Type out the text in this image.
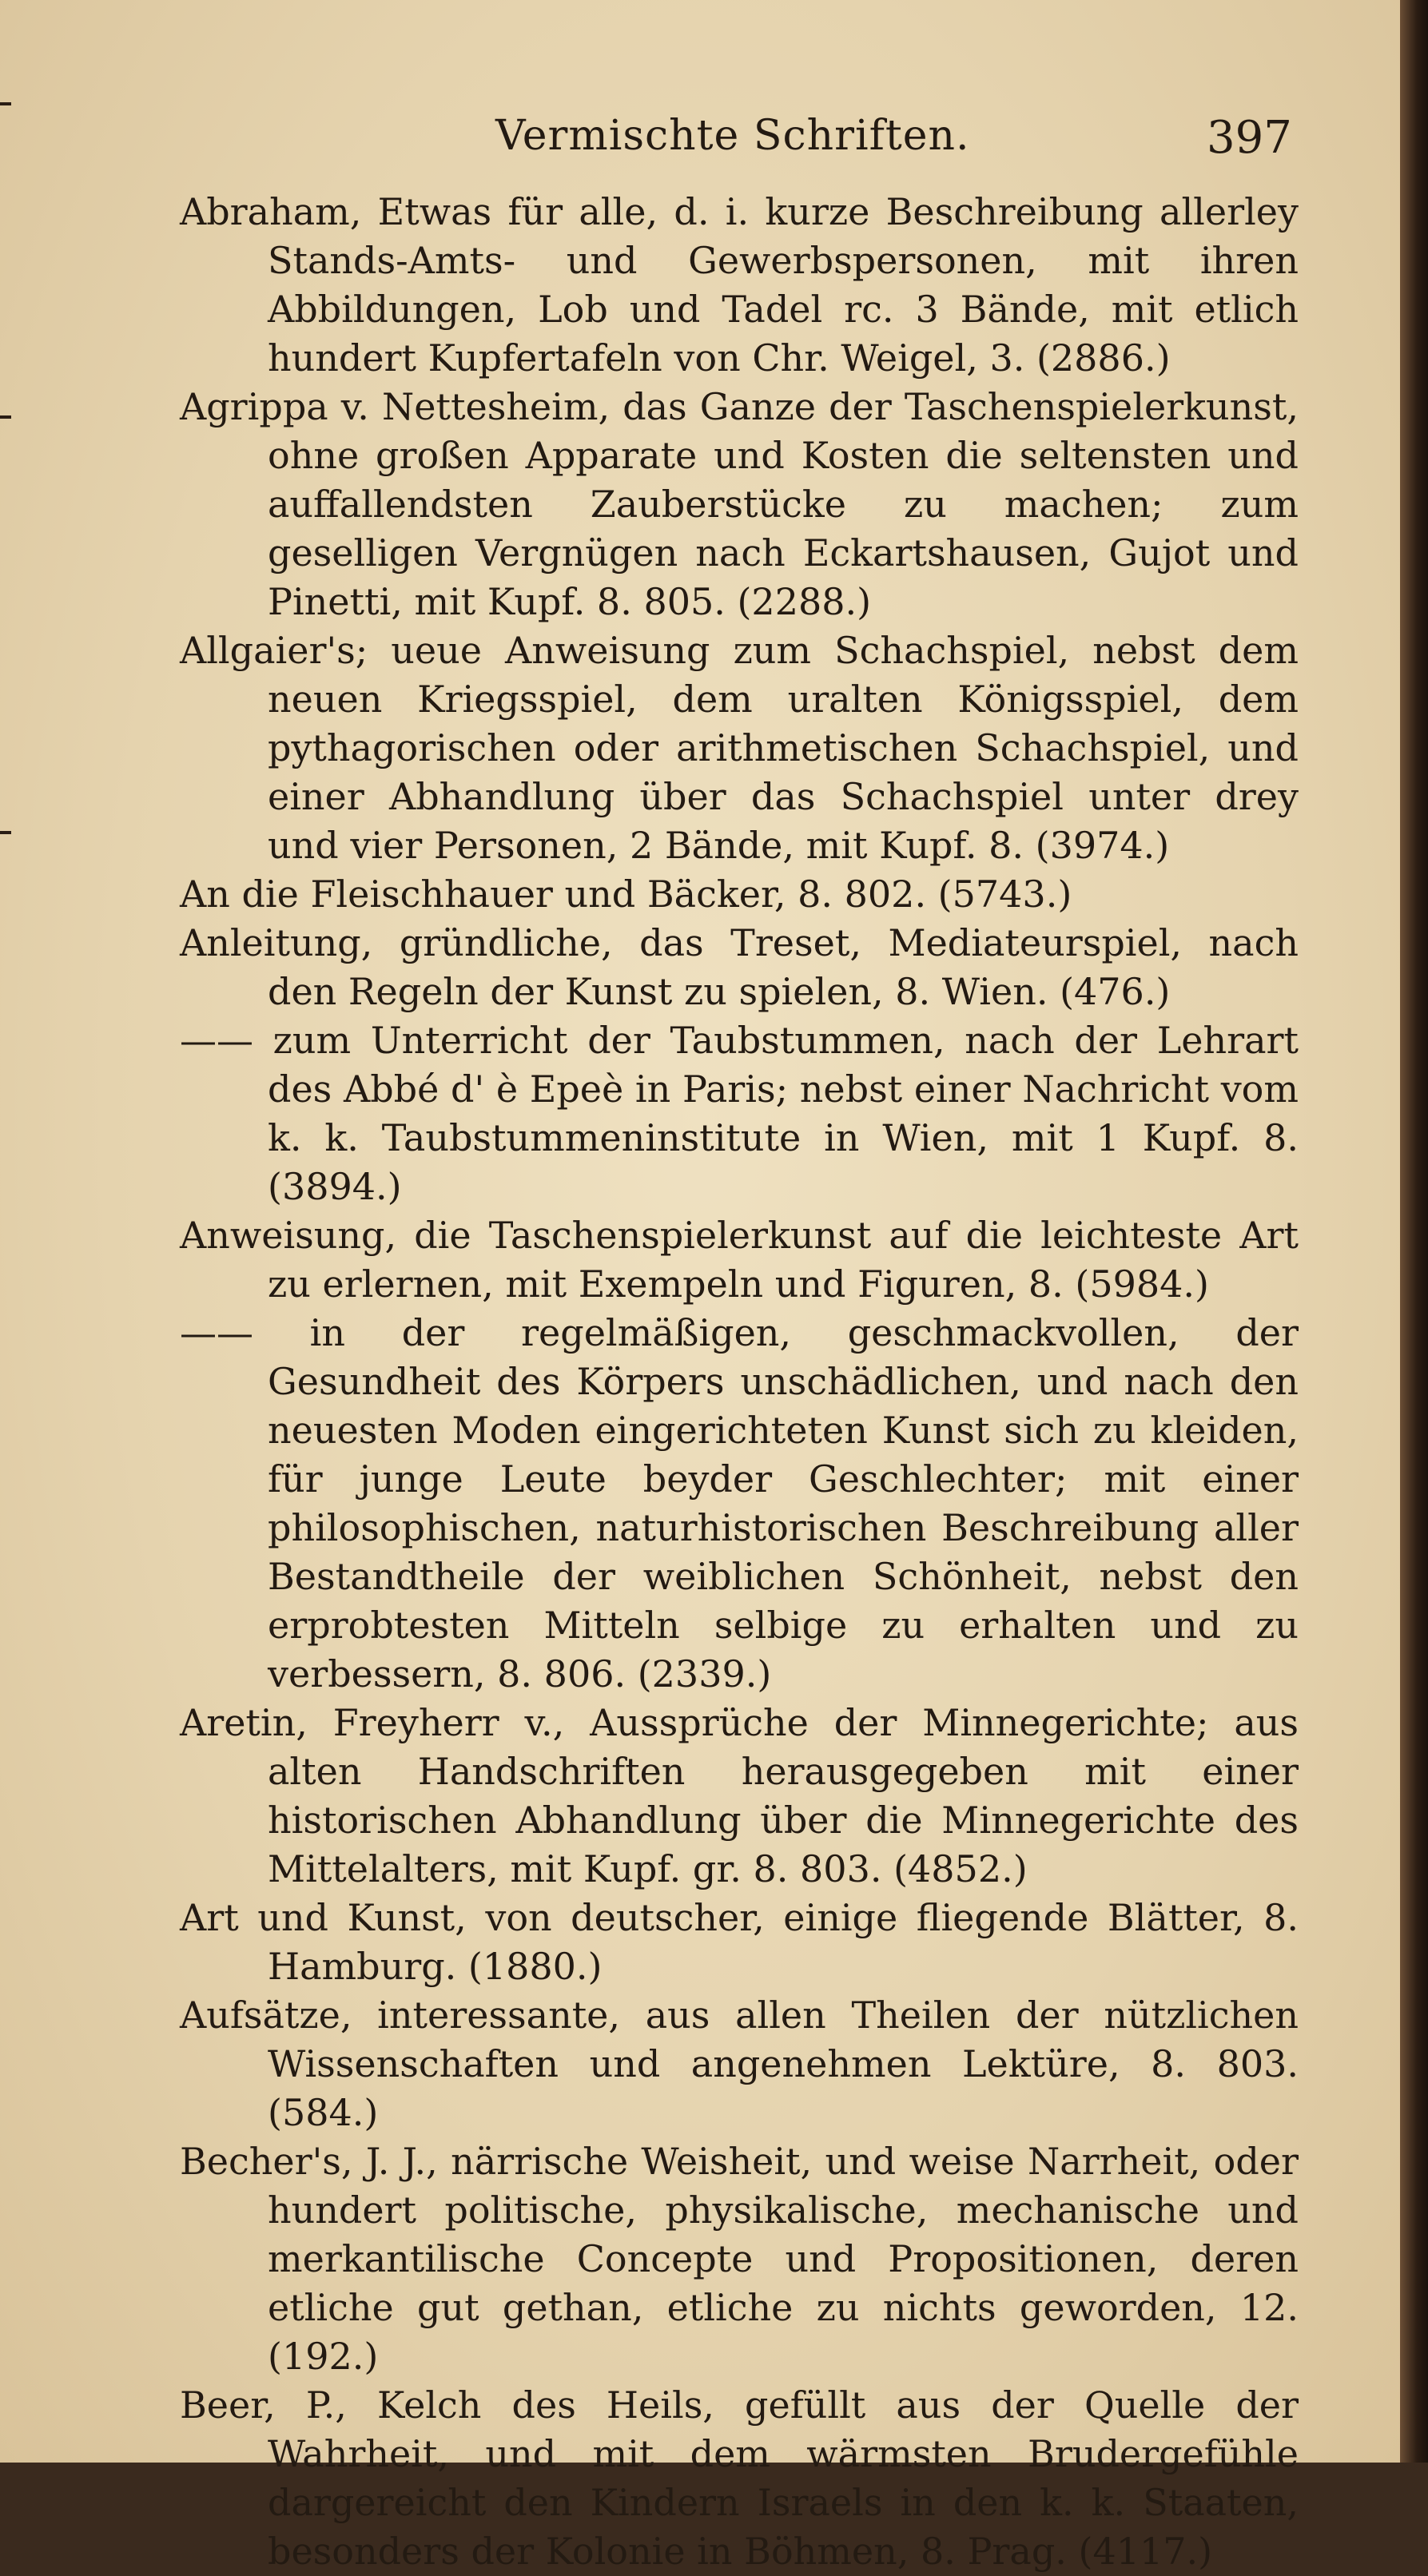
Vermischte Schriften.	397
Abraham, Etwas für alle, d. i. kurze Beschreibung allerley Stands-Amts- und Gewerbspersonen, mit ihren Abbildungen, Lob und Tadel rc. 3 Bände, mit etlich hundert Kupfertafeln von Chr. Weigel, 3. (2886.)
Agrippa v. Nettesheim, das Ganze der Taschenspielerkunst, ohne großen Apparate und Kosten die seltensten und auffallendsten Zauberstücke zu machen; zum geselligen Vergnügen nach Eckartshausen, Gujot und Pinetti, mit Kupf. 8. 805. (2288.)
Allgaier's; ueue Anweisung zum Schachspiel, nebst dem neuen Kriegsspiel, dem uralten Königsspiel, dem pythagorischen oder arithmetischen Schachspiel, und einer Abhandlung über das Schachspiel unter drey und vier Personen, 2 Bände, mit Kupf. 8. (3974.)
An die Fleischhauer und Bäcker, 8. 802. (5743.)
Anleitung, gründliche, das Treset, Mediateurspiel, nach den Regeln der Kunst zu spielen, 8. Wien. (476.)
—— zum Unterricht der Taubstummen, nach der Lehrart des Abbé d' è Epeè in Paris; nebst einer Nachricht vom k. k. Taubstummeninstitute in Wien, mit 1 Kupf. 8. (3894.)
Anweisung, die Taschenspielerkunst auf die leichteste Art zu erlernen, mit Exempeln und Figuren, 8. (5984.)
—— in der regelmäßigen, geschmackvollen, der Gesundheit des Körpers unschädlichen, und nach den neuesten Moden eingerichteten Kunst sich zu kleiden, für junge Leute beyder Geschlechter; mit einer philosophischen, naturhistorischen Beschreibung aller Bestandtheile der weiblichen Schönheit, nebst den erprobtesten Mitteln selbige zu erhalten und zu verbessern, 8. 806. (2339.)
Aretin, Freyherr v., Aussprüche der Minnegerichte; aus alten Handschriften herausgegeben mit einer historischen Abhandlung über die Minnegerichte des Mittelalters, mit Kupf. gr. 8. 803. (4852.)
Art und Kunst, von deutscher, einige fliegende Blätter, 8. Hamburg. (1880.)
Aufsätze, interessante, aus allen Theilen der nützlichen Wissenschaften und angenehmen Lektüre, 8. 803. (584.)
Becher's, J. J., närrische Weisheit, und weise Narrheit, oder hundert politische, physikalische, mechanische und merkantilische Concepte und Propositionen, deren etliche gut gethan, etliche zu nichts geworden, 12. (192.)
Beer, P., Kelch des Heils, gefüllt aus der Quelle der Wahrheit, und mit dem wärmsten Brudergefühle dargereicht den Kindern Israels in den k. k. Staaten, besonders der Kolonie in Böhmen, 8. Prag. (4117.)
